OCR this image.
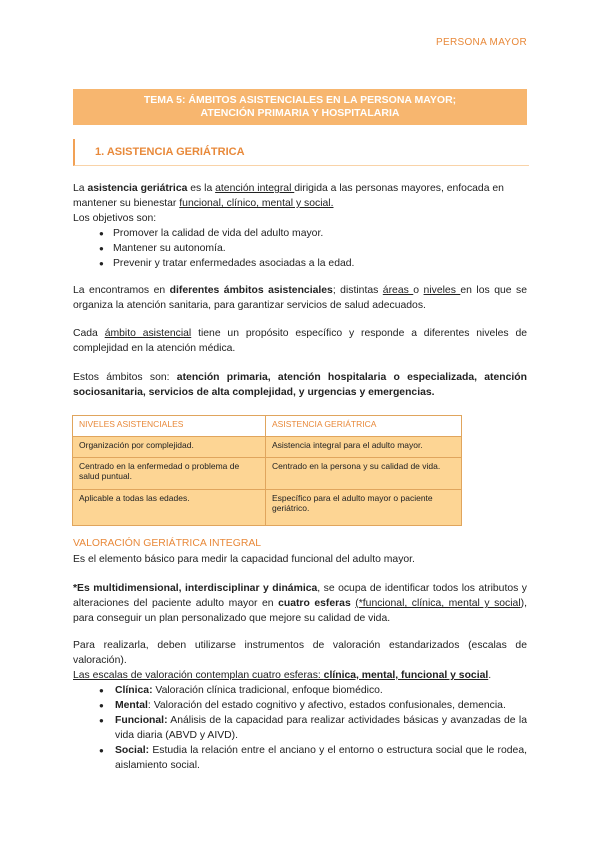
PERSONA MAYOR
TEMA 5: ÁMBITOS ASISTENCIALES EN LA PERSONA MAYOR;
ATENCIÓN PRIMARIA Y HOSPITALARIA
1. ASISTENCIA GERIÁTRICA
La asistencia geriátrica es la atención integral dirigida a las personas mayores, enfocada en mantener su bienestar funcional, clínico, mental y social.
Los objetivos son:
● Promover la calidad de vida del adulto mayor.
● Mantener su autonomía.
● Prevenir y tratar enfermedades asociadas a la edad.
La encontramos en diferentes ámbitos asistenciales; distintas áreas o niveles en los que se organiza la atención sanitaria, para garantizar servicios de salud adecuados.
Cada ámbito asistencial tiene un propósito específico y responde a diferentes niveles de complejidad en la atención médica.
Estos ámbitos son: atención primaria, atención hospitalaria o especializada, atención sociosanitaria, servicios de alta complejidad, y urgencias y emergencias.
NIVELES ASISTENCIALES	ASISTENCIA GERIÁTRICA
Organización por complejidad.	Asistencia integral para el adulto mayor.
Centrado en la enfermedad o problema de salud puntual.	Centrado en la persona y su calidad de vida.
Aplicable a todas las edades.	Específico para el adulto mayor o paciente geriátrico.
VALORACIÓN GERIÁTRICA INTEGRAL
Es el elemento básico para medir la capacidad funcional del adulto mayor.
*Es multidimensional, interdisciplinar y dinámica, se ocupa de identificar todos los atributos y alteraciones del paciente adulto mayor en cuatro esferas (*funcional, clínica, mental y social), para conseguir un plan personalizado que mejore su calidad de vida.
Para realizarla, deben utilizarse instrumentos de valoración estandarizados (escalas de valoración).
Las escalas de valoración contemplan cuatro esferas: clínica, mental, funcional y social.
● Clínica: Valoración clínica tradicional, enfoque biomédico.
● Mental: Valoración del estado cognitivo y afectivo, estados confusionales, demencia.
● Funcional: Análisis de la capacidad para realizar actividades básicas y avanzadas de la vida diaria (ABVD y AIVD).
● Social: Estudia la relación entre el anciano y el entorno o estructura social que le rodea, aislamiento social.
